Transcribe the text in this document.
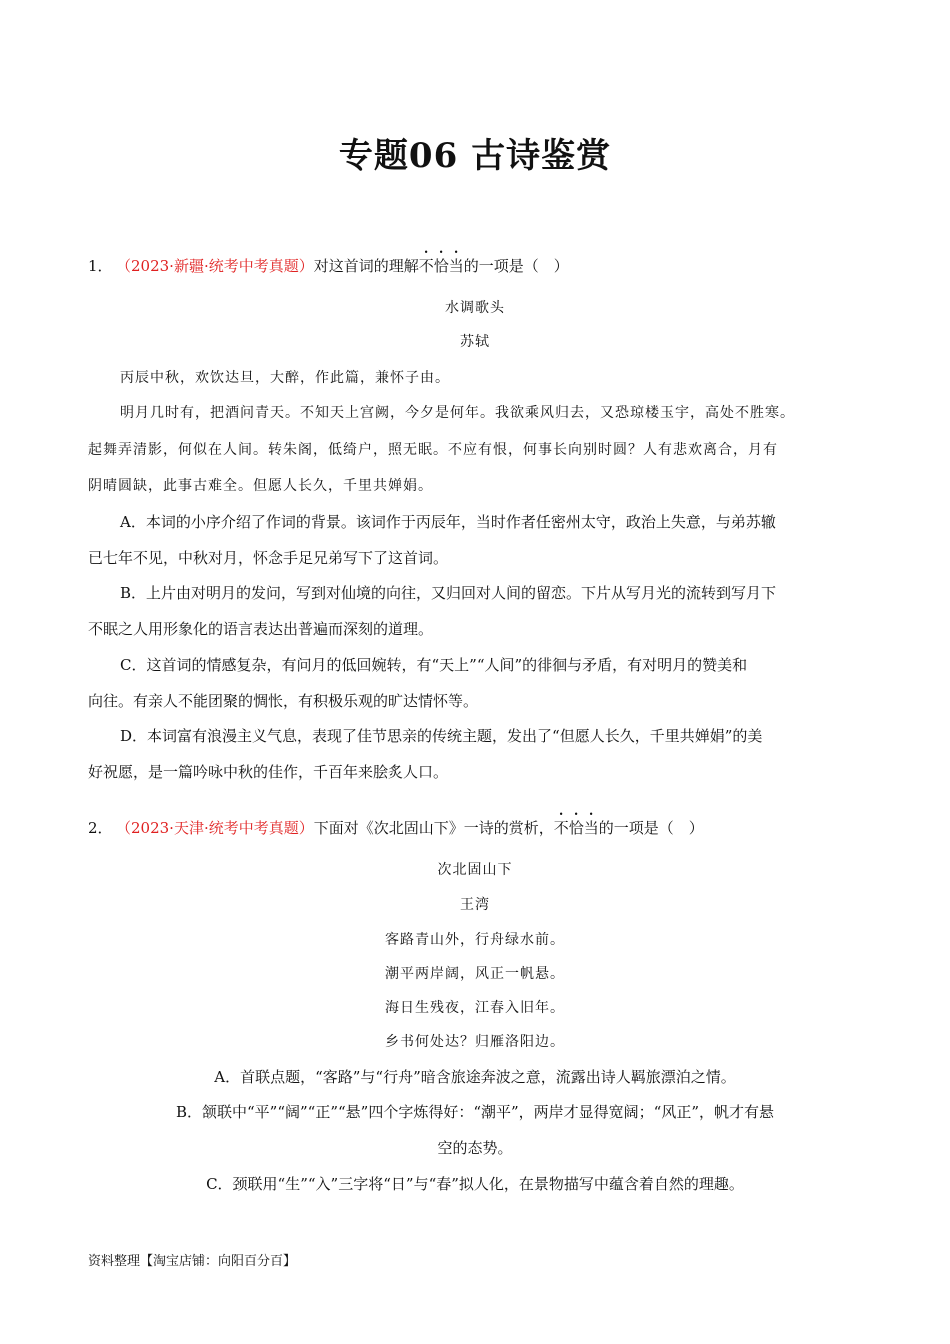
专题06 古诗鉴赏
1． （2023·新疆·统考中考真题）对这首词的理解不恰当的一项是（　）
水调歌头
苏轼
丙辰中秋，欢饮达旦，大醉，作此篇，兼怀子由。
明月几时有，把酒问青天。不知天上宫阙，今夕是何年。我欲乘风归去，又恐琼楼玉宇，高处不胜寒。
起舞弄清影，何似在人间。转朱阁，低绮户，照无眠。不应有恨，何事长向别时圆？人有悲欢离合，月有
阴晴圆缺，此事古难全。但愿人长久，千里共婵娟。
A．本词的小序介绍了作词的背景。该词作于丙辰年，当时作者任密州太守，政治上失意，与弟苏辙
已七年不见，中秋对月，怀念手足兄弟写下了这首词。
B．上片由对明月的发问，写到对仙境的向往，又归回对人间的留恋。下片从写月光的流转到写月下
不眠之人用形象化的语言表达出普遍而深刻的道理。
C．这首词的情感复杂，有问月的低回婉转，有“天上”“人间”的徘徊与矛盾，有对明月的赞美和
向往。有亲人不能团聚的惆怅，有积极乐观的旷达情怀等。
D．本词富有浪漫主义气息，表现了佳节思亲的传统主题，发出了“但愿人长久，千里共婵娟”的美
好祝愿，是一篇吟咏中秋的佳作，千百年来脍炙人口。
2． （2023·天津·统考中考真题）下面对《次北固山下》一诗的赏析，不恰当的一项是（　）
次北固山下
王湾
客路青山外，行舟绿水前。
潮平两岸阔，风正一帆悬。
海日生残夜，江春入旧年。
乡书何处达？归雁洛阳边。
A．首联点题，“客路”与“行舟”暗含旅途奔波之意，流露出诗人羁旅漂泊之情。
B．颔联中“平”“阔”“正”“悬”四个字炼得好：“潮平”，两岸才显得宽阔；“风正”，帆才有悬
空的态势。
C．颈联用“生”“入”三字将“日”与“春”拟人化，在景物描写中蕴含着自然的理趣。
资料整理【淘宝店铺：向阳百分百】
